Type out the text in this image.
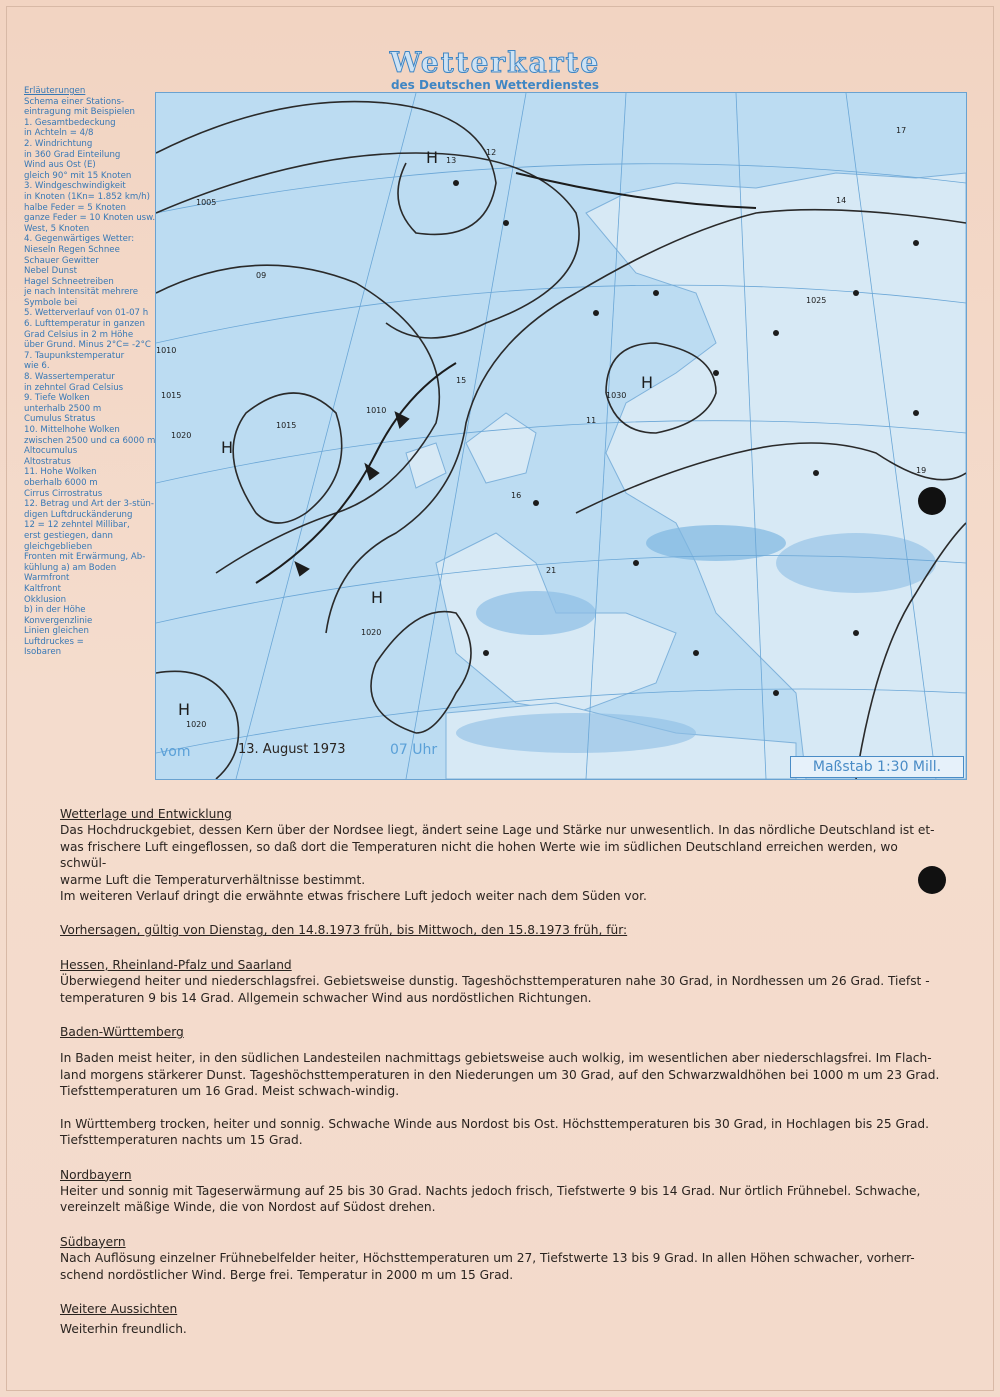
Wetterkarte
des Deutschen Wetterdienstes
Erläuterungen
Schema einer Stations-
eintragung mit Beispielen
1. Gesamtbedeckung
in Achteln = 4/8
2. Windrichtung
in 360 Grad Einteilung
Wind aus Ost (E)
gleich 90° mit 15 Knoten
3. Windgeschwindigkeit
in Knoten (1Kn= 1.852 km/h)
halbe Feder = 5 Knoten
ganze Feder = 10 Knoten usw.
West, 5 Knoten
4. Gegenwärtiges Wetter:
Nieseln Regen Schnee
Schauer Gewitter
Nebel Dunst
Hagel Schneetreiben
je nach Intensität mehrere
Symbole bei
5. Wetterverlauf von 01-07 h
6. Lufttemperatur in ganzen
Grad Celsius in 2 m Höhe
über Grund. Minus 2°C= -2°C
7. Taupunkstemperatur
wie 6.
8. Wassertemperatur
in zehntel Grad Celsius
9. Tiefe Wolken
unterhalb 2500 m
Cumulus Stratus
10. Mittelhohe Wolken
zwischen 2500 und ca 6000 m
Altocumulus
Altostratus
11. Hohe Wolken
oberhalb 6000 m
Cirrus Cirrostratus
12. Betrag und Art der 3-stün-
digen Luftdruckänderung
12 = 12 zehntel Millibar,
erst gestiegen, dann
gleichgeblieben
Fronten mit Erwärmung, Ab-
kühlung a) am Boden
Warmfront
Kaltfront
Okklusion
b) in der Höhe
Konvergenzlinie
Linien gleichen
Luftdruckes =
Isobaren
H
H
H
H
H
1005
1010
1015
1020
1025
1030
1010
1015
1020
1020
13
12
17
19
15
11
21
16
09
14
vom	13. August 1973	07 Uhr
Maßstab 1:30 Mill.

Wetterlage und Entwicklung

Das Hochdruckgebiet, dessen Kern über der Nordsee liegt, ändert seine Lage und Stärke nur unwesentlich. In das nördliche Deutschland ist et-

was frischere Luft eingeflossen, so daß dort die Temperaturen nicht die hohen Werte wie im südlichen Deutschland erreichen werden, wo schwül-

warme Luft die Temperaturverhältnisse bestimmt.

Im weiteren Verlauf dringt die erwähnte etwas frischere Luft jedoch weiter nach dem Süden vor.

Vorhersagen, gültig von Dienstag, den 14.8.1973 früh, bis Mittwoch, den 15.8.1973 früh, für:

Hessen, Rheinland-Pfalz und Saarland

Überwiegend heiter und niederschlagsfrei. Gebietsweise dunstig. Tageshöchsttemperaturen nahe 30 Grad, in Nordhessen um 26 Grad. Tiefst -

temperaturen 9 bis 14 Grad. Allgemein schwacher Wind aus nordöstlichen Richtungen.

Baden-Württemberg

In Baden meist heiter, in den südlichen Landesteilen nachmittags gebietsweise auch wolkig, im wesentlichen aber niederschlagsfrei. Im Flach-

land morgens stärkerer Dunst. Tageshöchsttemperaturen in den Niederungen um 30 Grad, auf den Schwarzwaldhöhen bei 1000 m um 23 Grad.

Tiefsttemperaturen um 16 Grad. Meist schwach-windig.

In Württemberg trocken, heiter und sonnig. Schwache Winde aus Nordost bis Ost. Höchsttemperaturen bis 30 Grad, in Hochlagen bis 25 Grad.

Tiefsttemperaturen nachts um 15 Grad.

Nordbayern

Heiter und sonnig mit Tageserwärmung auf 25 bis 30 Grad. Nachts jedoch frisch, Tiefstwerte 9 bis 14 Grad. Nur örtlich Frühnebel. Schwache,

vereinzelt mäßige Winde, die von Nordost auf Südost drehen.

Südbayern

Nach Auflösung einzelner Frühnebelfelder heiter, Höchsttemperaturen um 27, Tiefstwerte 13 bis 9 Grad. In allen Höhen schwacher, vorherr-

schend nordöstlicher Wind. Berge frei. Temperatur in 2000 m um 15 Grad.

Weitere Aussichten

Weiterhin freundlich.
